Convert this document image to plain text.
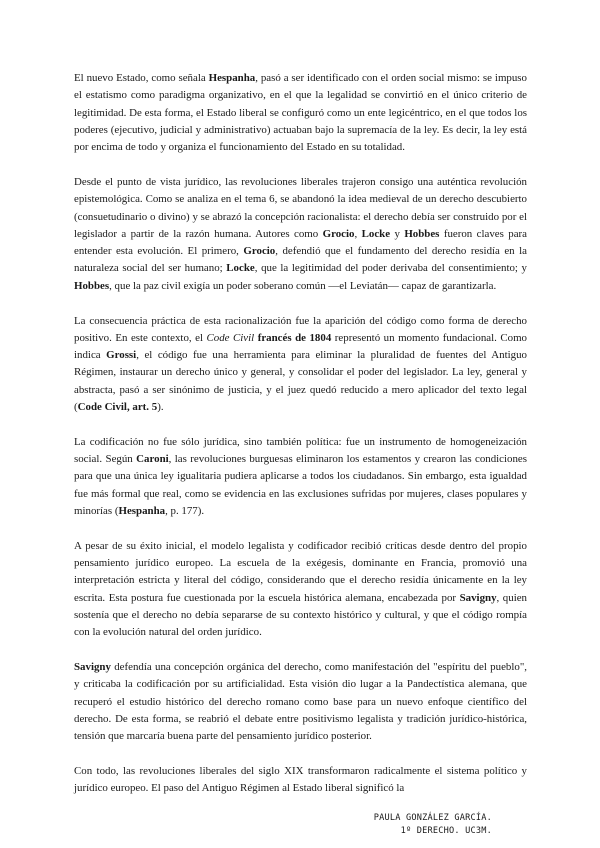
El nuevo Estado, como señala Hespanha, pasó a ser identificado con el orden social mismo: se impuso el estatismo como paradigma organizativo, en el que la legalidad se convirtió en el único criterio de legitimidad. De esta forma, el Estado liberal se configuró como un ente legicéntrico, en el que todos los poderes (ejecutivo, judicial y administrativo) actuaban bajo la supremacía de la ley. Es decir, la ley está por encima de todo y organiza el funcionamiento del Estado en su totalidad.

Desde el punto de vista jurídico, las revoluciones liberales trajeron consigo una auténtica revolución epistemológica. Como se analiza en el tema 6, se abandonó la idea medieval de un derecho descubierto (consuetudinario o divino) y se abrazó la concepción racionalista: el derecho debía ser construido por el legislador a partir de la razón humana. Autores como Grocio, Locke y Hobbes fueron claves para entender esta evolución. El primero, Grocio, defendió que el fundamento del derecho residía en la naturaleza social del ser humano; Locke, que la legitimidad del poder derivaba del consentimiento; y Hobbes, que la paz civil exigía un poder soberano común —el Leviatán— capaz de garantizarla.

La consecuencia práctica de esta racionalización fue la aparición del código como forma de derecho positivo. En este contexto, el Code Civil francés de 1804 representó un momento fundacional. Como indica Grossi, el código fue una herramienta para eliminar la pluralidad de fuentes del Antiguo Régimen, instaurar un derecho único y general, y consolidar el poder del legislador. La ley, general y abstracta, pasó a ser sinónimo de justicia, y el juez quedó reducido a mero aplicador del texto legal (Code Civil, art. 5).

La codificación no fue sólo jurídica, sino también política: fue un instrumento de homogeneización social. Según Caroni, las revoluciones burguesas eliminaron los estamentos y crearon las condiciones para que una única ley igualitaria pudiera aplicarse a todos los ciudadanos. Sin embargo, esta igualdad fue más formal que real, como se evidencia en las exclusiones sufridas por mujeres, clases populares y minorías (Hespanha, p. 177).

A pesar de su éxito inicial, el modelo legalista y codificador recibió críticas desde dentro del propio pensamiento jurídico europeo. La escuela de la exégesis, dominante en Francia, promovió una interpretación estricta y literal del código, considerando que el derecho residía únicamente en la ley escrita. Esta postura fue cuestionada por la escuela histórica alemana, encabezada por Savigny, quien sostenía que el derecho no debía separarse de su contexto histórico y cultural, y que el código rompía con la evolución natural del orden jurídico.

Savigny defendía una concepción orgánica del derecho, como manifestación del "espíritu del pueblo", y criticaba la codificación por su artificialidad. Esta visión dio lugar a la Pandectística alemana, que recuperó el estudio histórico del derecho romano como base para un nuevo enfoque científico del derecho. De esta forma, se reabrió el debate entre positivismo legalista y tradición jurídico-histórica, tensión que marcaría buena parte del pensamiento jurídico posterior.

Con todo, las revoluciones liberales del siglo XIX transformaron radicalmente el sistema político y jurídico europeo. El paso del Antiguo Régimen al Estado liberal significó la

PAULA GONZÁLEZ GARCÍA.
1º DERECHO. UC3M.
